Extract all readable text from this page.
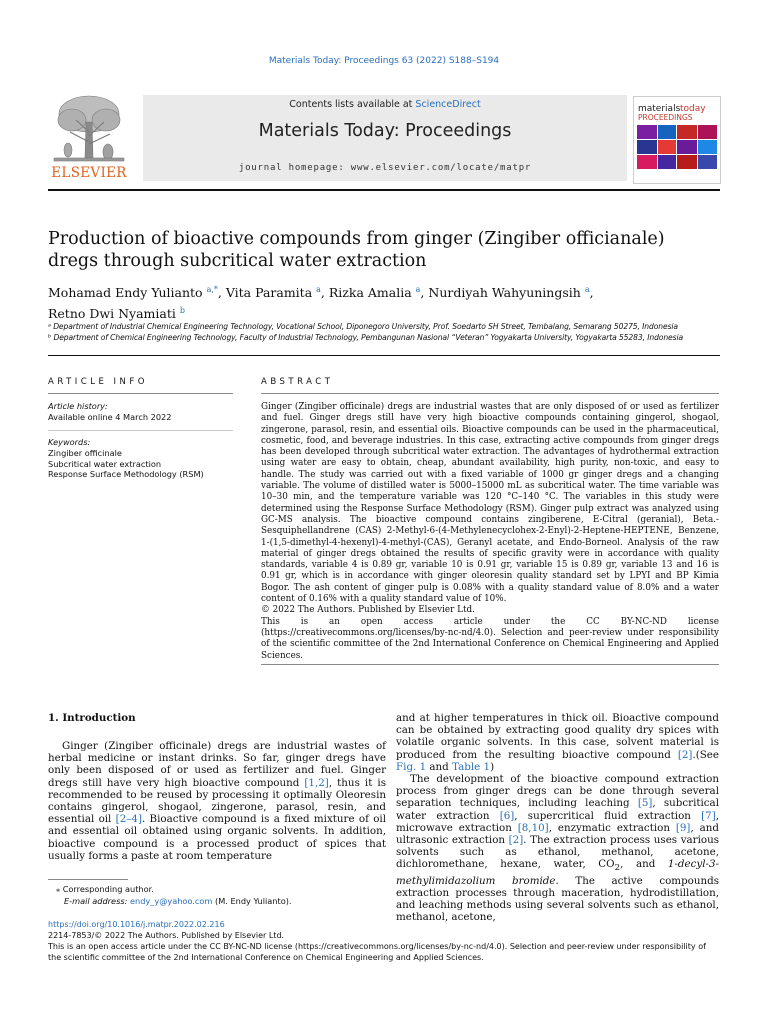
Materials Today: Proceedings 63 (2022) S188–S194
Contents lists available at ScienceDirect
Materials Today: Proceedings
journal homepage: www.elsevier.com/locate/matpr
ELSEVIER
materials today
PROCEEDINGS
Production of bioactive compounds from ginger (Zingiber officianale)
dregs through subcritical water extraction
Mohamad Endy Yulianto $^{a,*}$, Vita Paramita $^a$, Rizka Amalia $^a$, Nurdiyah Wahyuningsih $^a$,
Retno Dwi Nyamiati $^b$
ᵃ Department of Industrial Chemical Engineering Technology, Vocational School, Diponegoro University, Prof. Soedarto SH Street, Tembalang, Semarang 50275, Indonesia
ᵇ Department of Chemical Engineering Technology, Faculty of Industrial Technology, Pembangunan Nasional “Veteran” Yogyakarta University, Yogyakarta 55283, Indonesia
ARTICLE INFO
Article history:
Available online 4 March 2022
Keywords:
Zingiber officinale
Subcritical water extraction
Response Surface Methodology (RSM)
ABSTRACT

Ginger (Zingiber officinale) dregs are industrial wastes that are only disposed of or used as fertilizer and fuel. Ginger dregs still have very high bioactive compounds containing gingerol, shogaol, zingerone, parasol, resin, and essential oils. Bioactive compounds can be used in the pharmaceutical, cosmetic, food, and beverage industries. In this case, extracting active compounds from ginger dregs has been developed through subcritical water extraction. The advantages of hydrothermal extraction using water are easy to obtain, cheap, abundant availability, high purity, non-toxic, and easy to handle. The study was carried out with a fixed variable of 1000 gr ginger dregs and a changing variable. The volume of distilled water is 5000–15000 mL as subcritical water. The time variable was 10–30 min, and the temperature variable was 120 °C–140 °C. The variables in this study were determined using the Response Surface Methodology (RSM). Ginger pulp extract was analyzed using GC-MS analysis. The bioactive compound contains zingiberene, E-Citral (geranial), Beta.-Sesquiphellandrene (CAS) 2-Methyl-6-(4-Methylenecyclohex-2-Enyl)-2-Heptene-HEPTENE, Benzene, 1-(1,5-dimethyl-4-hexenyl)-4-methyl-(CAS), Geranyl acetate, and Endo-Borneol. Analysis of the raw material of ginger dregs obtained the results of specific gravity were in accordance with quality standards, variable 4 is 0.89 gr, variable 10 is 0.91 gr, variable 15 is 0.89 gr, variable 13 and 16 is 0.91 gr, which is in accordance with ginger oleoresin quality standard set by LPYI and BP Kimia Bogor. The ash content of ginger pulp is 0.08% with a quality standard value of 8.0% and a water content of 0.16% with a quality standard value of 10%.

© 2022 The Authors. Published by Elsevier Ltd.

This is an open access article under the CC BY-NC-ND license (https://creativecommons.org/licenses/by-nc-nd/4.0). Selection and peer-review under responsibility of the scientific committee of the 2nd International Conference on Chemical Engineering and Applied Sciences.

1. Introduction

Ginger (Zingiber officinale) dregs are industrial wastes of herbal medicine or instant drinks. So far, ginger dregs have only been disposed of or used as fertilizer and fuel. Ginger dregs still have very high bioactive compound [1,2], thus it is recommended to be reused by processing it optimally Oleoresin contains gingerol, shogaol, zingerone, parasol, resin, and essential oil [2–4]. Bioactive compound is a fixed mixture of oil and essential oil obtained using organic solvents. In addition, bioactive compound is a processed product of spices that usually forms a paste at room temperature

and at higher temperatures in thick oil. Bioactive compound can be obtained by extracting good quality dry spices with volatile organic solvents. In this case, solvent material is produced from the resulting bioactive compound [2].(See Fig. 1 and Table 1)

The development of the bioactive compound extraction process from ginger dregs can be done through several separation techniques, including leaching [5], subcritical water extraction [6], supercritical fluid extraction [7], microwave extraction [8,10], enzymatic extraction [9], and ultrasonic extraction [2]. The extraction process uses various solvents such as ethanol, methanol, acetone, dichloromethane, hexane, water, $CO_2$, and 1-decyl-3-methylimidazolium bromide. The active compounds extraction processes through maceration, hydrodistillation, and leaching methods using several solvents such as ethanol, methanol, acetone,

⁎ Corresponding author.
E-mail address: endy_y@yahoo.com (M. Endy Yulianto).
https://doi.org/10.1016/j.matpr.2022.02.216
2214-7853/© 2022 The Authors. Published by Elsevier Ltd.
This is an open access article under the CC BY-NC-ND license (https://creativecommons.org/licenses/by-nc-nd/4.0). Selection and peer-review under responsibility of the scientific committee of the 2nd International Conference on Chemical Engineering and Applied Sciences.
